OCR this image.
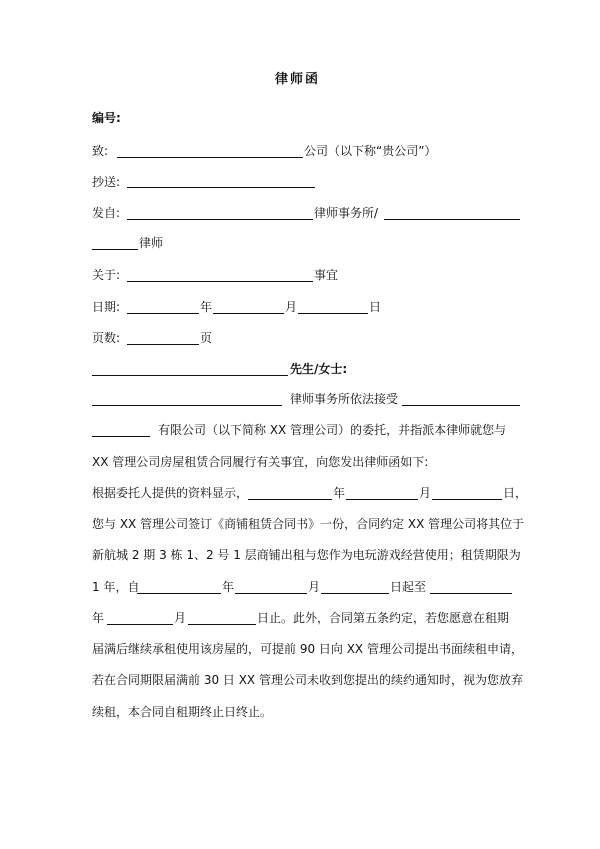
律师函
编号:
致:	公司（以下称“贵公司”）
抄送:
发自:	律师事务所/
律师
关于:	事宜
日期:	年	月	日
页数:	页
先生/女士:
律师事务所依法接受
有限公司（以下简称 XX 管理公司）的委托，并指派本律师就您与
XX 管理公司房屋租赁合同履行有关事宜，向您发出律师函如下:
根据委托人提供的资料显示，	年	月	日，
您与 XX 管理公司签订《商铺租赁合同书》一份，合同约定 XX 管理公司将其位于
新航城 2 期 3 栋 1、2 号 1 层商铺出租与您作为电玩游戏经营使用；租赁期限为
1 年，自	年	月	日起至
年	月	日止。此外，合同第五条约定，若您愿意在租期
届满后继续承租使用该房屋的，可提前 90 日向 XX 管理公司提出书面续租申请，
若在合同期限届满前 30 日 XX 管理公司未收到您提出的续约通知时，视为您放弃
续租，本合同自租期终止日终止。
